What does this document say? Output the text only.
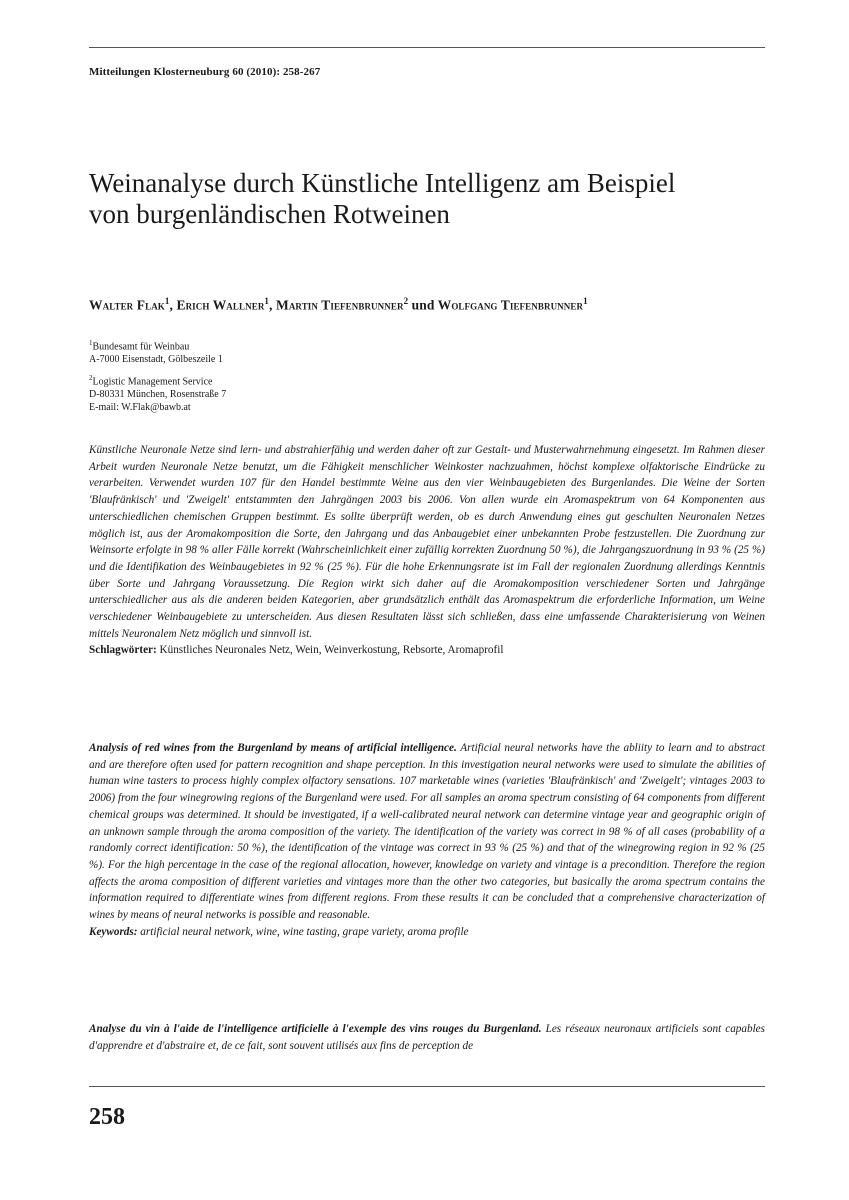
Mitteilungen Klosterneuburg 60 (2010): 258-267
Weinanalyse durch Künstliche Intelligenz am Beispiel
von burgenländischen Rotweinen
Walter Flak$^1$, Erich Wallner$^1$, Martin Tiefenbrunner$^2$ und Wolfgang Tiefenbrunner$^1$
$^1$Bundesamt für Weinbau
A-7000 Eisenstadt, Gölbeszeile 1
$^2$Logistic Management Service
D-80331 München, Rosenstraße 7
E-mail: W.Flak@bawb.at
Künstliche Neuronale Netze sind lern- und abstrahierfähig und werden daher oft zur Gestalt- und Musterwahrnehmung eingesetzt. Im Rahmen dieser Arbeit wurden Neuronale Netze benutzt, um die Fähigkeit menschlicher Weinkoster nachzuahmen, höchst komplexe olfaktorische Eindrücke zu verarbeiten. Verwendet wurden 107 für den Handel bestimmte Weine aus den vier Weinbaugebieten des Burgenlandes. Die Weine der Sorten 'Blaufränkisch' und 'Zweigelt' entstammten den Jahrgängen 2003 bis 2006. Von allen wurde ein Aromaspektrum von 64 Komponenten aus unterschiedlichen chemischen Gruppen bestimmt. Es sollte überprüft werden, ob es durch Anwendung eines gut geschulten Neuronalen Netzes möglich ist, aus der Aromakomposition die Sorte, den Jahrgang und das Anbaugebiet einer unbekannten Probe festzustellen. Die Zuordnung zur Weinsorte erfolgte in 98 % aller Fälle korrekt (Wahrscheinlichkeit einer zufällig korrekten Zuordnung 50 %), die Jahrgangszuordnung in 93 % (25 %) und die Identifikation des Weinbaugebietes in 92 % (25 %). Für die hohe Erkennungsrate ist im Fall der regionalen Zuordnung allerdings Kenntnis über Sorte und Jahrgang Voraussetzung. Die Region wirkt sich daher auf die Aromakomposition verschiedener Sorten und Jahrgänge unterschiedlicher aus als die anderen beiden Kategorien, aber grundsätzlich enthält das Aromaspektrum die erforderliche Information, um Weine verschiedener Weinbaugebiete zu unterscheiden. Aus diesen Resultaten lässt sich schließen, dass eine umfassende Charakterisierung von Weinen mittels Neuronalem Netz möglich und sinnvoll ist.
Schlagwörter: Künstliches Neuronales Netz, Wein, Weinverkostung, Rebsorte, Aromaprofil
Analysis of red wines from the Burgenland by means of artificial intelligence. Artificial neural networks have the abliity to learn and to abstract and are therefore often used for pattern recognition and shape perception. In this investigation neural networks were used to simulate the abilities of human wine tasters to process highly complex olfactory sensations. 107 marketable wines (varieties 'Blaufränkisch' and 'Zweigelt'; vintages 2003 to 2006) from the four winegrowing regions of the Burgenland were used. For all samples an aroma spectrum consisting of 64 components from different chemical groups was determined. It should be investigated, if a well-calibrated neural network can determine vintage year and geographic origin of an unknown sample through the aroma composition of the variety. The identification of the variety was correct in 98 % of all cases (probability of a randomly correct identification: 50 %), the identification of the vintage was correct in 93 % (25 %) and that of the winegrowing region in 92 % (25 %). For the high percentage in the case of the regional allocation, however, knowledge on variety and vintage is a precondition. Therefore the region affects the aroma composition of different varieties and vintages more than the other two categories, but basically the aroma spectrum contains the information required to differentiate wines from different regions. From these results it can be concluded that a comprehensive characterization of wines by means of neural networks is possible and reasonable.
Keywords: artificial neural network, wine, wine tasting, grape variety, aroma profile
Analyse du vin à l'aide de l'intelligence artificielle à l'exemple des vins rouges du Burgenland. Les réseaux neuronaux artificiels sont capables d'apprendre et d'abstraire et, de ce fait, sont souvent utilisés aux fins de perception de
258
